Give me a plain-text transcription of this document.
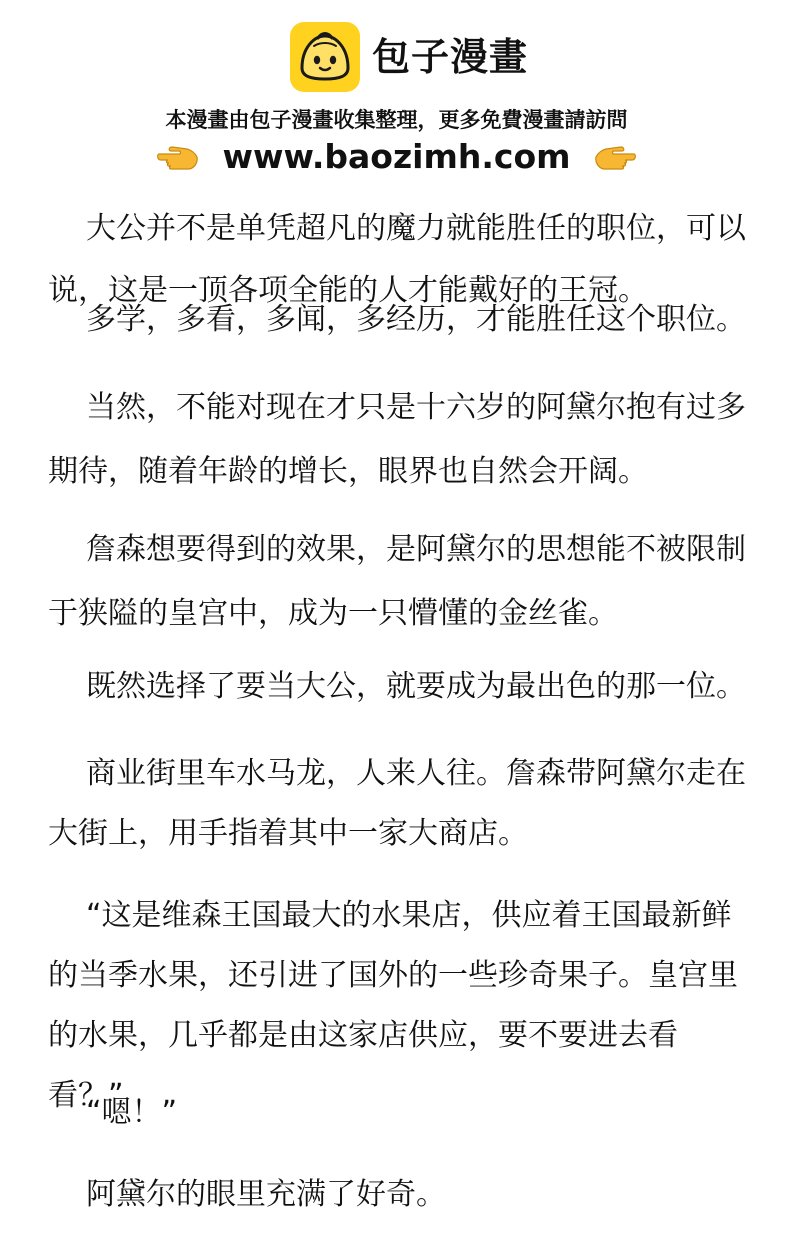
包子漫畫
本漫畫由包子漫畫收集整理，更多免費漫畫請訪問
www.baozimh.com

大公并不是单凭超凡的魔力就能胜任的职位，可以说，这是一顶各项全能的人才能戴好的王冠。

多学，多看，多闻，多经历，才能胜任这个职位。

当然，不能对现在才只是十六岁的阿黛尔抱有过多期待，随着年龄的增长，眼界也自然会开阔。

詹森想要得到的效果，是阿黛尔的思想能不被限制于狭隘的皇宫中，成为一只懵懂的金丝雀。

既然选择了要当大公，就要成为最出色的那一位。

商业街里车水马龙，人来人往。詹森带阿黛尔走在大街上，用手指着其中一家大商店。

“这是维森王国最大的水果店，供应着王国最新鲜的当季水果，还引进了国外的一些珍奇果子。皇宫里的水果，几乎都是由这家店供应，要不要进去看看？”

“嗯！”

阿黛尔的眼里充满了好奇。
